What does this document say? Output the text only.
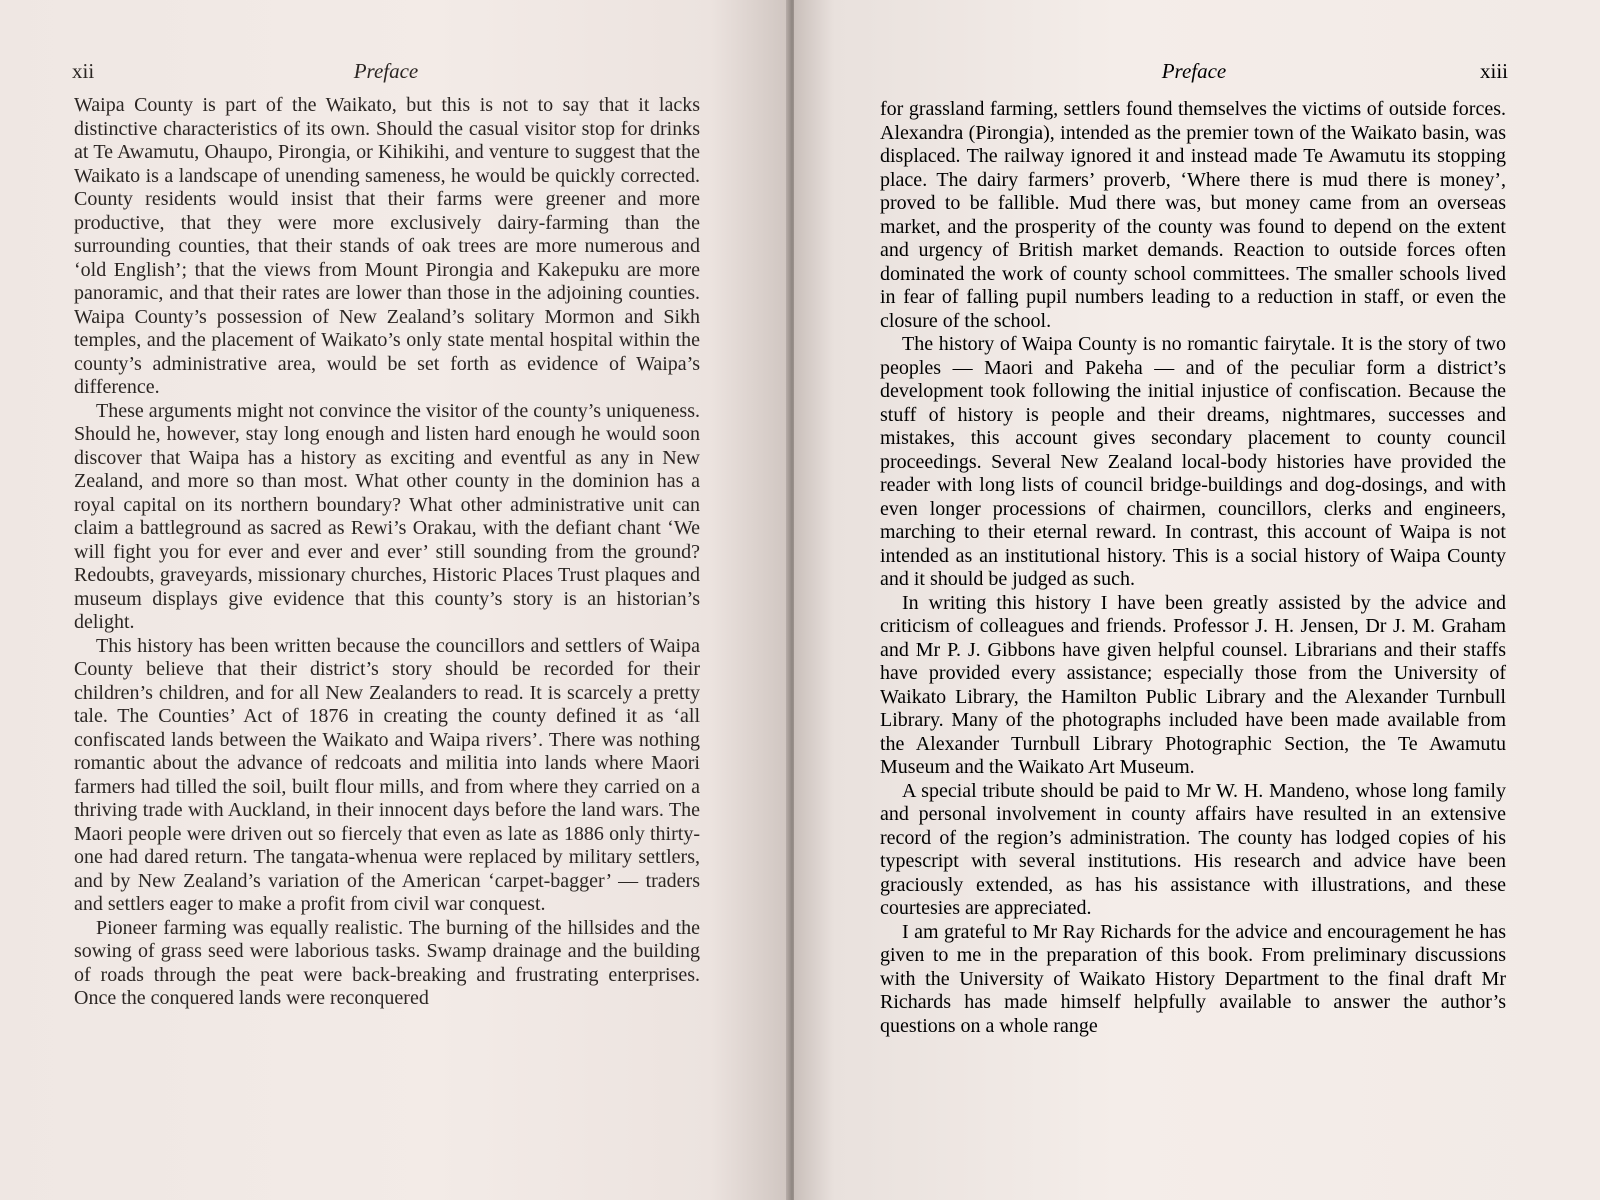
xii	Preface

Waipa County is part of the Waikato, but this is not to say that it lacks distinctive characteristics of its own. Should the casual visitor stop for drinks at Te Awamutu, Ohaupo, Pirongia, or Kihikihi, and venture to suggest that the Waikato is a landscape of unending sameness, he would be quickly corrected. County residents would insist that their farms were greener and more productive, that they were more exclusively dairy-farming than the surrounding counties, that their stands of oak trees are more numerous and ‘old English’; that the views from Mount Pirongia and Kakepuku are more panoramic, and that their rates are lower than those in the adjoining counties. Waipa County’s possession of New Zealand’s solitary Mormon and Sikh temples, and the placement of Waikato’s only state mental hospital within the county’s administrative area, would be set forth as evidence of Waipa’s difference.

These arguments might not convince the visitor of the county’s uniqueness. Should he, however, stay long enough and listen hard enough he would soon discover that Waipa has a history as exciting and eventful as any in New Zealand, and more so than most. What other county in the dominion has a royal capital on its northern boundary? What other administrative unit can claim a battleground as sacred as Rewi’s Orakau, with the defiant chant ‘We will fight you for ever and ever and ever’ still sounding from the ground? Redoubts, graveyards, missionary churches, Historic Places Trust plaques and museum displays give evidence that this county’s story is an historian’s delight.

This history has been written because the councillors and settlers of Waipa County believe that their district’s story should be recorded for their children’s children, and for all New Zealanders to read. It is scarcely a pretty tale. The Counties’ Act of 1876 in creating the county defined it as ‘all confiscated lands between the Waikato and Waipa rivers’. There was nothing romantic about the advance of redcoats and militia into lands where Maori farmers had tilled the soil, built flour mills, and from where they carried on a thriving trade with Auckland, in their innocent days before the land wars. The Maori people were driven out so fiercely that even as late as 1886 only thirty-one had dared return. The tangata-whenua were replaced by military settlers, and by New Zealand’s variation of the American ‘carpet-bagger’ — traders and settlers eager to make a profit from civil war conquest.

Pioneer farming was equally realistic. The burning of the hillsides and the sowing of grass seed were laborious tasks. Swamp drainage and the building of roads through the peat were back-breaking and frustrating enterprises. Once the conquered lands were reconquered

Preface	xiii

for grassland farming, settlers found themselves the victims of outside forces. Alexandra (Pirongia), intended as the premier town of the Waikato basin, was displaced. The railway ignored it and instead made Te Awamutu its stopping place. The dairy farmers’ proverb, ‘Where there is mud there is money’, proved to be fallible. Mud there was, but money came from an overseas market, and the prosperity of the county was found to depend on the extent and urgency of British market demands. Reaction to outside forces often dominated the work of county school committees. The smaller schools lived in fear of falling pupil numbers leading to a reduction in staff, or even the closure of the school.

The history of Waipa County is no romantic fairytale. It is the story of two peoples — Maori and Pakeha — and of the peculiar form a district’s development took following the initial injustice of confiscation. Because the stuff of history is people and their dreams, nightmares, successes and mistakes, this account gives secondary placement to county council proceedings. Several New Zealand local-body histories have provided the reader with long lists of council bridge-buildings and dog-dosings, and with even longer processions of chairmen, councillors, clerks and engineers, marching to their eternal reward. In contrast, this account of Waipa is not intended as an institutional history. This is a social history of Waipa County and it should be judged as such.

In writing this history I have been greatly assisted by the advice and criticism of colleagues and friends. Professor J. H. Jensen, Dr J. M. Graham and Mr P. J. Gibbons have given helpful counsel. Librarians and their staffs have provided every assistance; especially those from the University of Waikato Library, the Hamilton Public Library and the Alexander Turnbull Library. Many of the photographs included have been made available from the Alexander Turnbull Library Photographic Section, the Te Awamutu Museum and the Waikato Art Museum.

A special tribute should be paid to Mr W. H. Mandeno, whose long family and personal involvement in county affairs have resulted in an extensive record of the region’s administration. The county has lodged copies of his typescript with several institutions. His research and advice have been graciously extended, as has his assistance with illustrations, and these courtesies are appreciated.

I am grateful to Mr Ray Richards for the advice and encouragement he has given to me in the preparation of this book. From preliminary discussions with the University of Waikato History Department to the final draft Mr Richards has made himself helpfully available to answer the author’s questions on a whole range
